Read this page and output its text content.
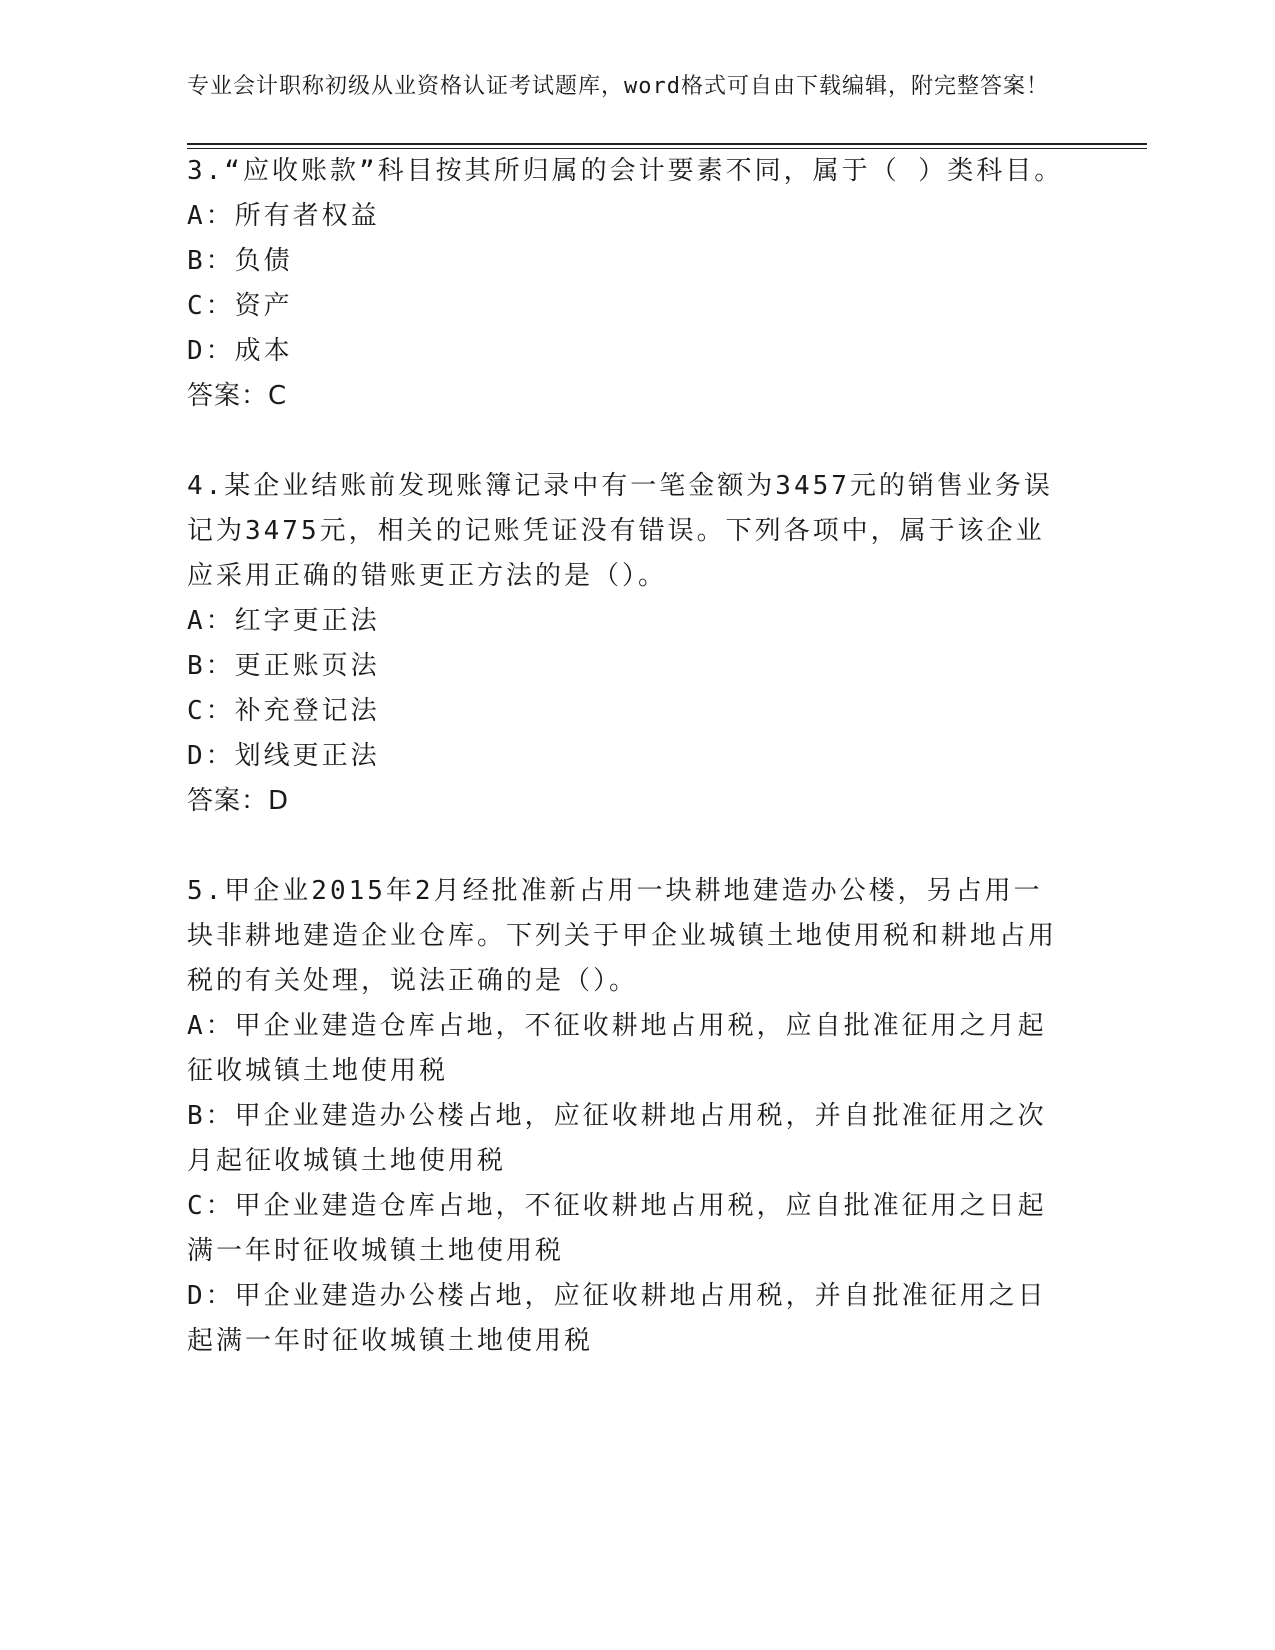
专业会计职称初级从业资格认证考试题库，word格式可自由下载编辑，附完整答案！

3.“应收账款”科目按其所归属的会计要素不同，属于（ ）类科目。

A：所有者权益

B：负债

C：资产

D：成本

答案：C

4.某企业结账前发现账簿记录中有一笔金额为3457元的销售业务误记为3475元，相关的记账凭证没有错误。下列各项中，属于该企业应采用正确的错账更正方法的是（）。

A：红字更正法

B：更正账页法

C：补充登记法

D：划线更正法

答案：D

5.甲企业2015年2月经批准新占用一块耕地建造办公楼，另占用一块非耕地建造企业仓库。下列关于甲企业城镇土地使用税和耕地占用税的有关处理，说法正确的是（）。

A：甲企业建造仓库占地，不征收耕地占用税，应自批准征用之月起征收城镇土地使用税

B：甲企业建造办公楼占地，应征收耕地占用税，并自批准征用之次月起征收城镇土地使用税

C：甲企业建造仓库占地，不征收耕地占用税，应自批准征用之日起满一年时征收城镇土地使用税

D：甲企业建造办公楼占地，应征收耕地占用税，并自批准征用之日起满一年时征收城镇土地使用税
